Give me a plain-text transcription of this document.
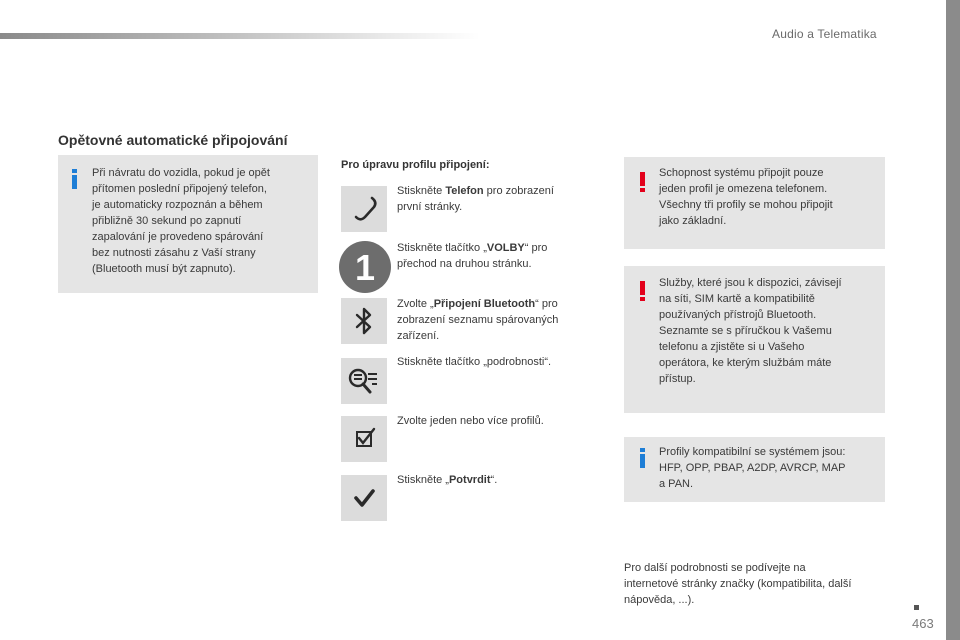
Audio a Telematika
Opětovné automatické připojování
Při návratu do vozidla, pokud je opět
přítomen poslední připojený telefon,
je automaticky rozpoznán a během
přibližně 30 sekund po zapnutí
zapalování je provedeno spárování
bez nutnosti zásahu z Vaší strany
(Bluetooth musí být zapnuto).
Pro úpravu profilu připojení:
Stiskněte Telefon pro zobrazení
první stránky.
1 Stiskněte tlačítko „VOLBY“ pro
přechod na druhou stránku.
Zvolte „Připojení Bluetooth“ pro
zobrazení seznamu spárovaných
zařízení.
Stiskněte tlačítko „podrobnosti“.
Zvolte jeden nebo více profilů.
Stiskněte „Potvrdit“.
Schopnost systému připojit pouze
jeden profil je omezena telefonem.
Všechny tři profily se mohou připojit
jako základní.
Služby, které jsou k dispozici, závisejí
na síti, SIM kartě a kompatibilitě
používaných přístrojů Bluetooth.
Seznamte se s příručkou k Vašemu
telefonu a zjistěte si u Vašeho
operátora, ke kterým službám máte
přístup.
Profily kompatibilní se systémem jsou:
HFP, OPP, PBAP, A2DP, AVRCP, MAP
a PAN.
Pro další podrobnosti se podívejte na
internetové stránky značky (kompatibilita, další
nápověda, ...).
463
